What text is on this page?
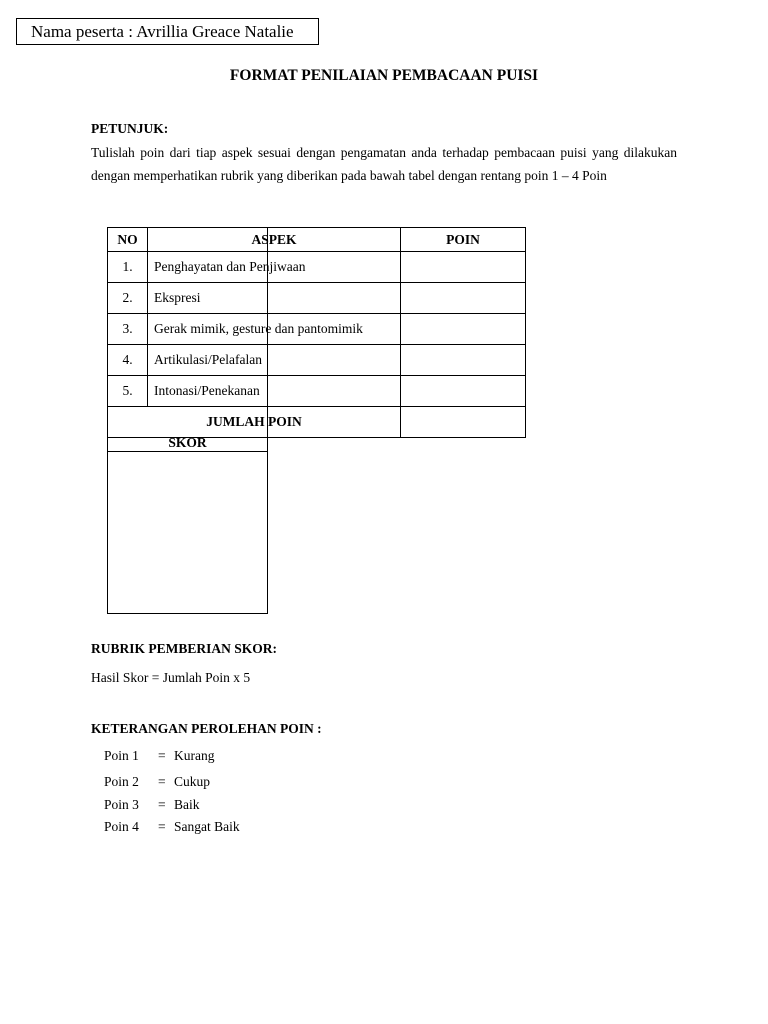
Nama peserta : Avrillia Greace Natalie
FORMAT PENILAIAN PEMBACAAN PUISI
PETUNJUK:
Tulislah poin dari tiap aspek sesuai dengan pengamatan anda terhadap pembacaan puisi yang dilakukan dengan memperhatikan rubrik yang diberikan pada bawah tabel dengan rentang poin 1 – 4 Poin
NO	ASPEK	POIN
1.	Penghayatan dan Penjiwaan	
2.	Ekspresi	
3.	Gerak mimik, gesture dan pantomimik	
4.	Artikulasi/Pelafalan	
5.	Intonasi/Penekanan	
JUMLAH POIN		
SKOR
RUBRIK PEMBERIAN SKOR:
Hasil Skor = Jumlah Poin x 5
KETERANGAN PEROLEHAN POIN :
Poin 1 = Kurang
Poin 2 = Cukup
Poin 3 = Baik
Poin 4 = Sangat Baik
